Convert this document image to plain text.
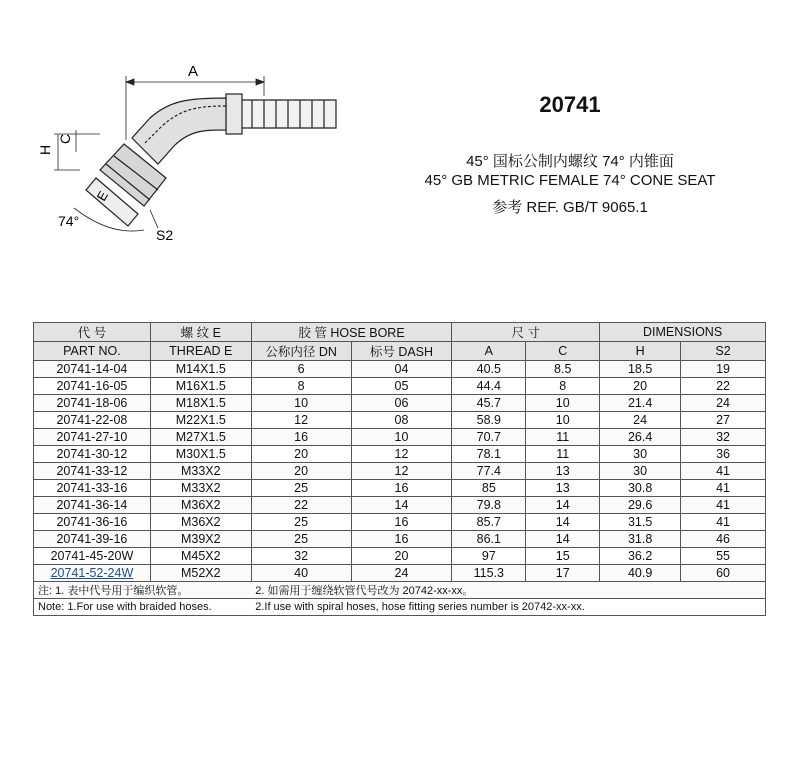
A
C
H
E
S2
74°
20741
45° 国标公制内螺纹 74° 内锥面
45° GB METRIC FEMALE 74° CONE SEAT
参考 REF. GB/T 9065.1
代 号	螺 纹 E	胶 管 HOSE BORE		尺 寸		DIMENSIONS	
PART NO.	THREAD E	公称内径 DN	标号 DASH	A	C	H	S2
20741-14-04	M14X1.5	6	04	40.5	8.5	18.5	19
20741-16-05	M16X1.5	8	05	44.4	8	20	22
20741-18-06	M18X1.5	10	06	45.7	10	21.4	24
20741-22-08	M22X1.5	12	08	58.9	10	24	27
20741-27-10	M27X1.5	16	10	70.7	11	26.4	32
20741-30-12	M30X1.5	20	12	78.1	11	30	36
20741-33-12	M33X2	20	12	77.4	13	30	41
20741-33-16	M33X2	25	16	85	13	30.8	41
20741-36-14	M36X2	22	14	79.8	14	29.6	41
20741-36-16	M36X2	25	16	85.7	14	31.5	41
20741-39-16	M39X2	25	16	86.1	14	31.8	46
20741-45-20W	M45X2	32	20	97	15	36.2	55
20741-52-24W	M52X2	40	24	115.3	17	40.9	60
注: 1. 表中代号用于编织软管。		2. 如需用于缠绕软管代号改为 20742-xx-xx。					
Note: 1.For use with braided hoses.		2.If use with spiral hoses, hose fitting series number is 20742-xx-xx.					
